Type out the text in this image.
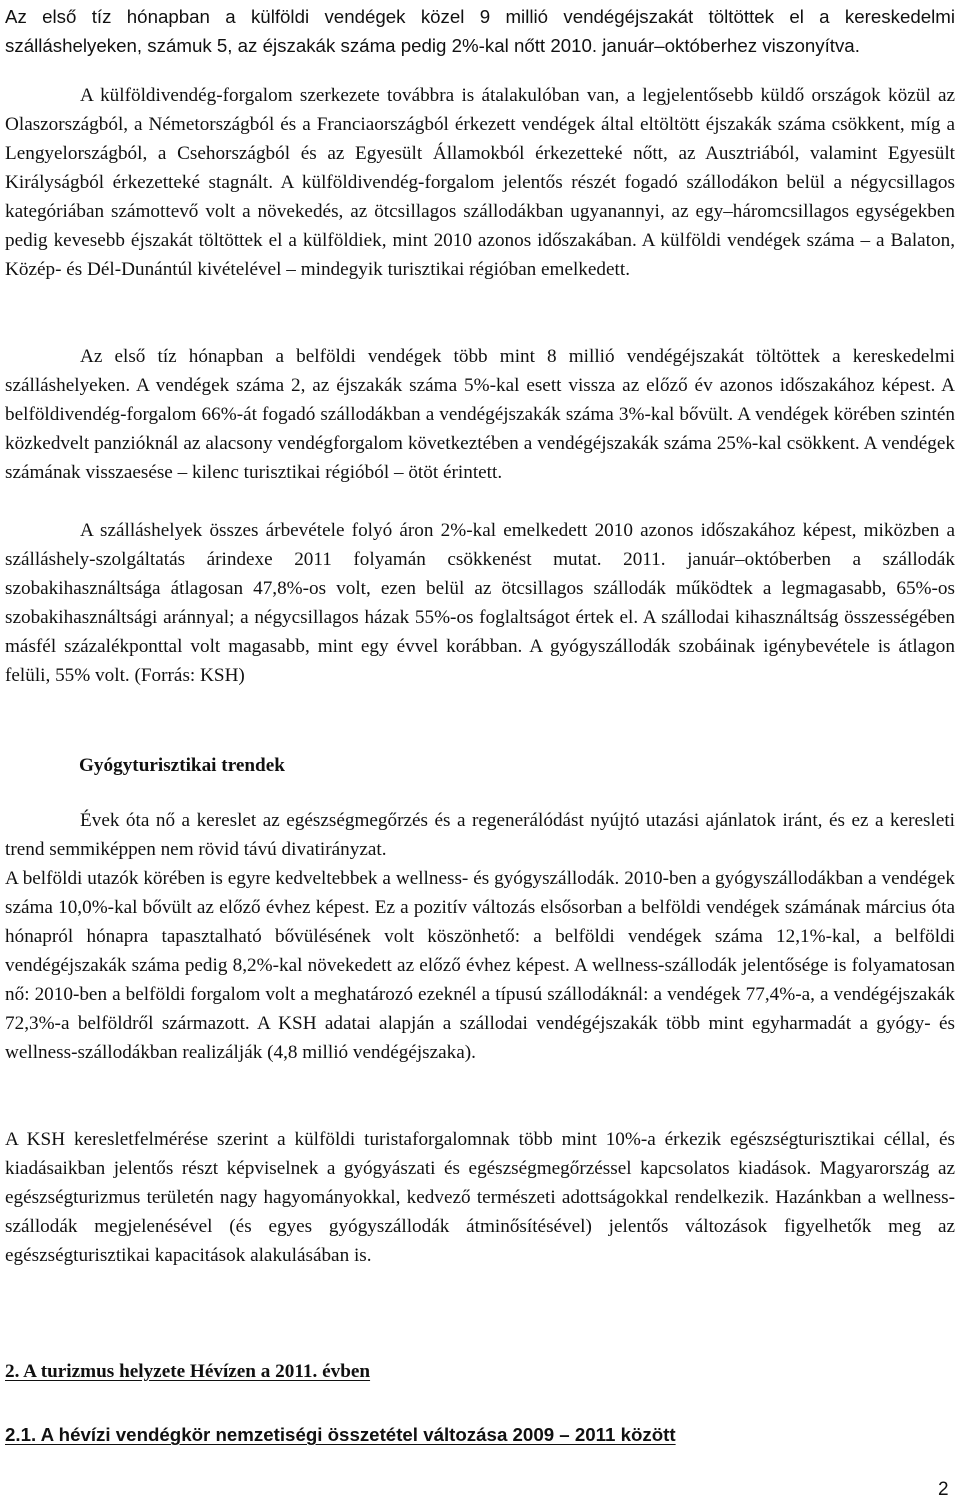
Az első tíz hónapban a külföldi vendégek közel 9 millió vendégéjszakát töltöttek el a kereskedelmi szálláshelyeken, számuk 5, az éjszakák száma pedig 2%-kal nőtt 2010. január–októberhez viszonyítva.

A külföldivendég-forgalom szerkezete továbbra is átalakulóban van, a legjelentősebb küldő országok közül az Olaszországból, a Németországból és a Franciaországból érkezett vendégek által eltöltött éjszakák száma csökkent, míg a Lengyelországból, a Csehországból és az Egyesült Államokból érkezetteké nőtt, az Ausztriából, valamint Egyesült Királyságból érkezetteké stagnált. A külföldivendég-forgalom jelentős részét fogadó szállodákon belül a négycsillagos kategóriában számottevő volt a növekedés, az ötcsillagos szállodákban ugyanannyi, az egy–háromcsillagos egységekben pedig kevesebb éjszakát töltöttek el a külföldiek, mint 2010 azonos időszakában. A külföldi vendégek száma – a Balaton, Közép- és Dél-Dunántúl kivételével – mindegyik turisztikai régióban emelkedett.

Az első tíz hónapban a belföldi vendégek több mint 8 millió vendégéjszakát töltöttek a kereskedelmi szálláshelyeken. A vendégek száma 2, az éjszakák száma 5%-kal esett vissza az előző év azonos időszakához képest. A belföldivendég-forgalom 66%-át fogadó szállodákban a vendégéjszakák száma 3%-kal bővült. A vendégek körében szintén közkedvelt panzióknál az alacsony vendégforgalom következtében a vendégéjszakák száma 25%-kal csökkent. A vendégek számának visszaesése – kilenc turisztikai régióból – ötöt érintett.

A szálláshelyek összes árbevétele folyó áron 2%-kal emelkedett 2010 azonos időszakához képest, miközben a szálláshely-szolgáltatás árindexe 2011 folyamán csökkenést mutat. 2011. január–októberben a szállodák szobakihasználtsága átlagosan 47,8%-os volt, ezen belül az ötcsillagos szállodák működtek a legmagasabb, 65%-os szobakihasználtsági aránnyal; a négycsillagos házak 55%-os foglaltságot értek el. A szállodai kihasználtság összességében másfél százalékponttal volt magasabb, mint egy évvel korábban. A gyógyszállodák szobáinak igénybevétele is átlagon felüli, 55% volt. (Forrás: KSH)

Gyógyturisztikai trendek

Évek óta nő a kereslet az egészségmegőrzés és a regenerálódást nyújtó utazási ajánlatok iránt, és ez a keresleti trend semmiképpen nem rövid távú divatirányzat.

A belföldi utazók körében is egyre kedveltebbek a wellness- és gyógyszállodák. 2010-ben a gyógyszállodákban a vendégek száma 10,0%-kal bővült az előző évhez képest. Ez a pozitív változás elsősorban a belföldi vendégek számának március óta hónapról hónapra tapasztalható bővülésének volt köszönhető: a belföldi vendégek száma 12,1%-kal, a belföldi vendégéjszakák száma pedig 8,2%-kal növekedett az előző évhez képest. A wellness-szállodák jelentősége is folyamatosan nő: 2010-ben a belföldi forgalom volt a meghatározó ezeknél a típusú szállodáknál: a vendégek 77,4%-a, a vendégéjszakák 72,3%-a belföldről származott. A KSH adatai alapján a szállodai vendégéjszakák több mint egyharmadát a gyógy- és wellness-szállodákban realizálják (4,8 millió vendégéjszaka).

A KSH keresletfelmérése szerint a külföldi turistaforgalomnak több mint 10%-a érkezik egészségturisztikai céllal, és kiadásaikban jelentős részt képviselnek a gyógyászati és egészségmegőrzéssel kapcsolatos kiadások. Magyarország az egészségturizmus területén nagy hagyományokkal, kedvező természeti adottságokkal rendelkezik. Hazánkban a wellness-szállodák megjelenésével (és egyes gyógyszállodák átminősítésével) jelentős változások figyelhetők meg az egészségturisztikai kapacitások alakulásában is.

2. A turizmus helyzete Hévízen a 2011. évben
2.1. A hévízi vendégkör nemzetiségi összetétel változása 2009 – 2011 között
2
